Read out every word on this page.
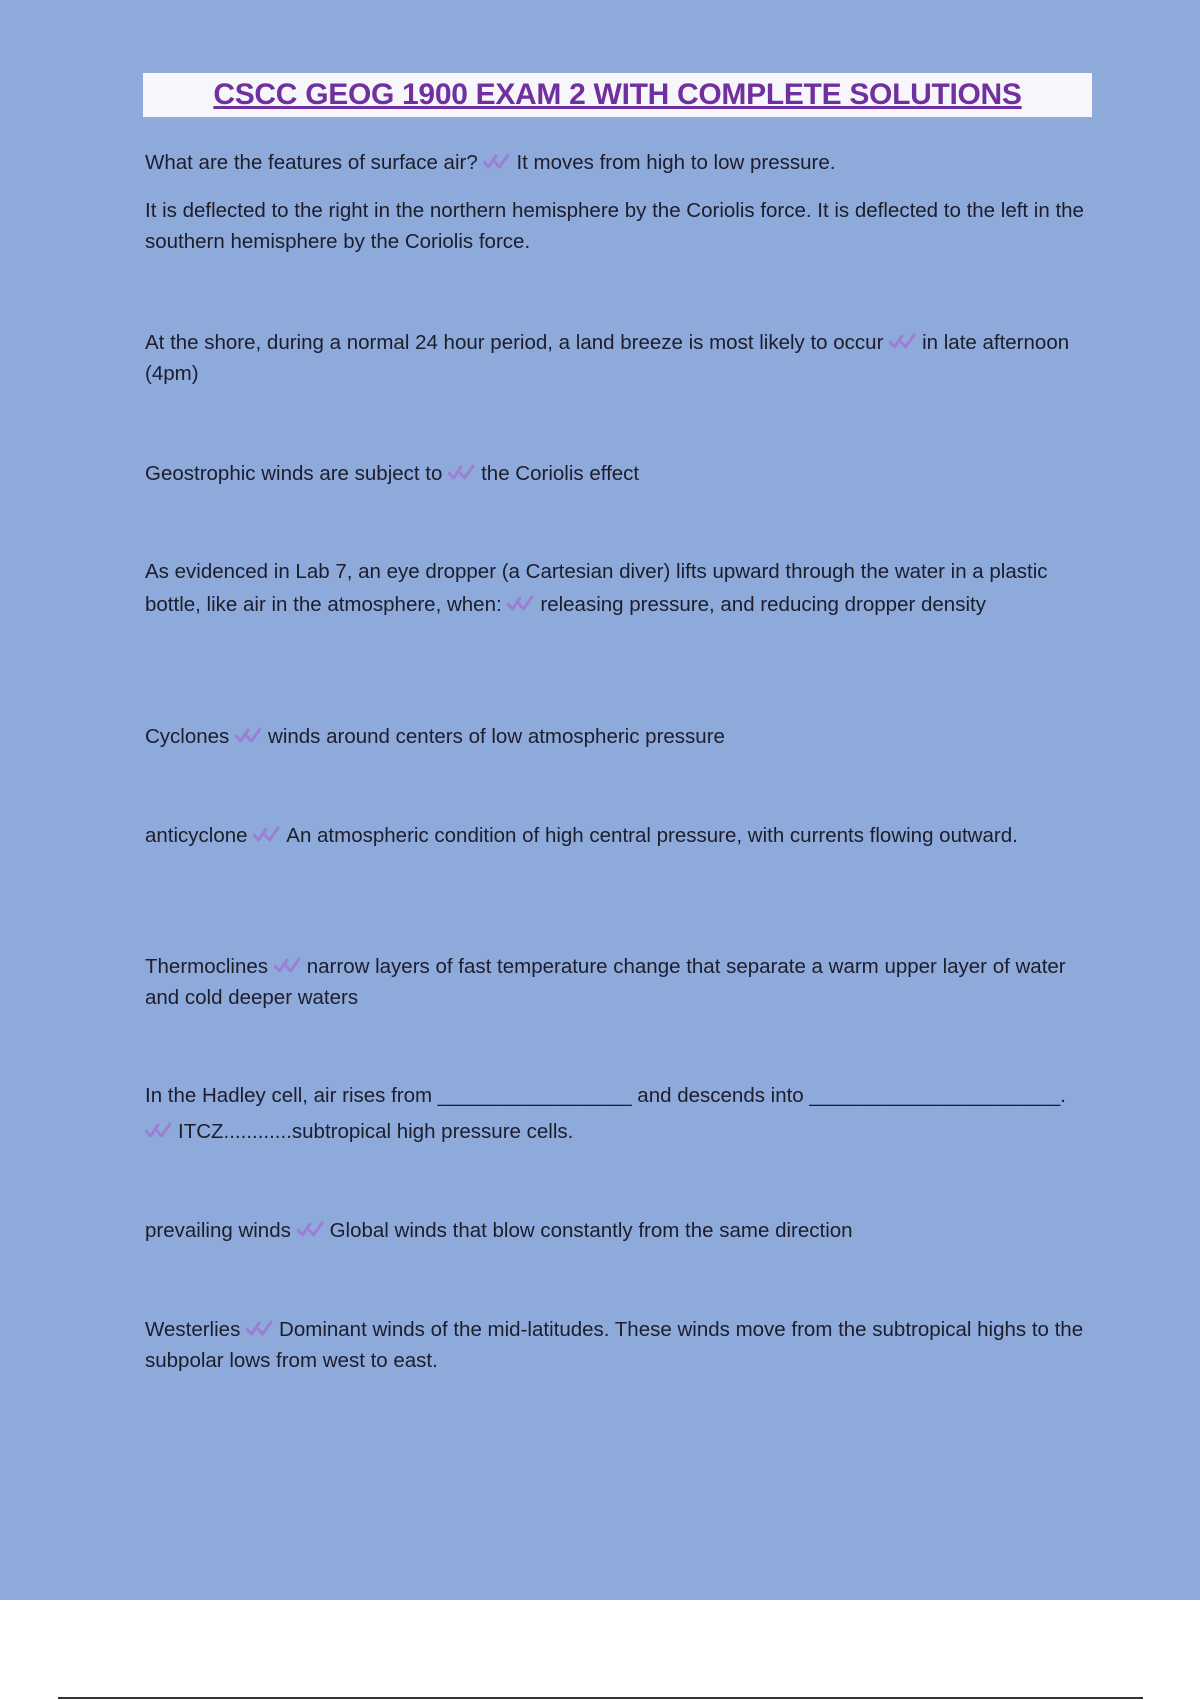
CSCC GEOG 1900 EXAM 2 WITH COMPLETE SOLUTIONS

What are the features of surface air? It moves from high to low pressure.

It is deflected to the right in the northern hemisphere by the Coriolis force. It is deflected to the left in the southern hemisphere by the Coriolis force.

At the shore, during a normal 24 hour period, a land breeze is most likely to occur in late afternoon (4pm)

Geostrophic winds are subject to the Coriolis effect

As evidenced in Lab 7, an eye dropper (a Cartesian diver) lifts upward through the water in a plastic bottle, like air in the atmosphere, when: releasing pressure, and reducing dropper density

Cyclones winds around centers of low atmospheric pressure

anticyclone An atmospheric condition of high central pressure, with currents flowing outward.

Thermoclines narrow layers of fast temperature change that separate a warm upper layer of water and cold deeper waters

In the Hadley cell, air rises from _________________ and descends into ______________________.
ITCZ............subtropical high pressure cells.

prevailing winds Global winds that blow constantly from the same direction

Westerlies Dominant winds of the mid-latitudes. These winds move from the subtropical highs to the subpolar lows from west to east.
